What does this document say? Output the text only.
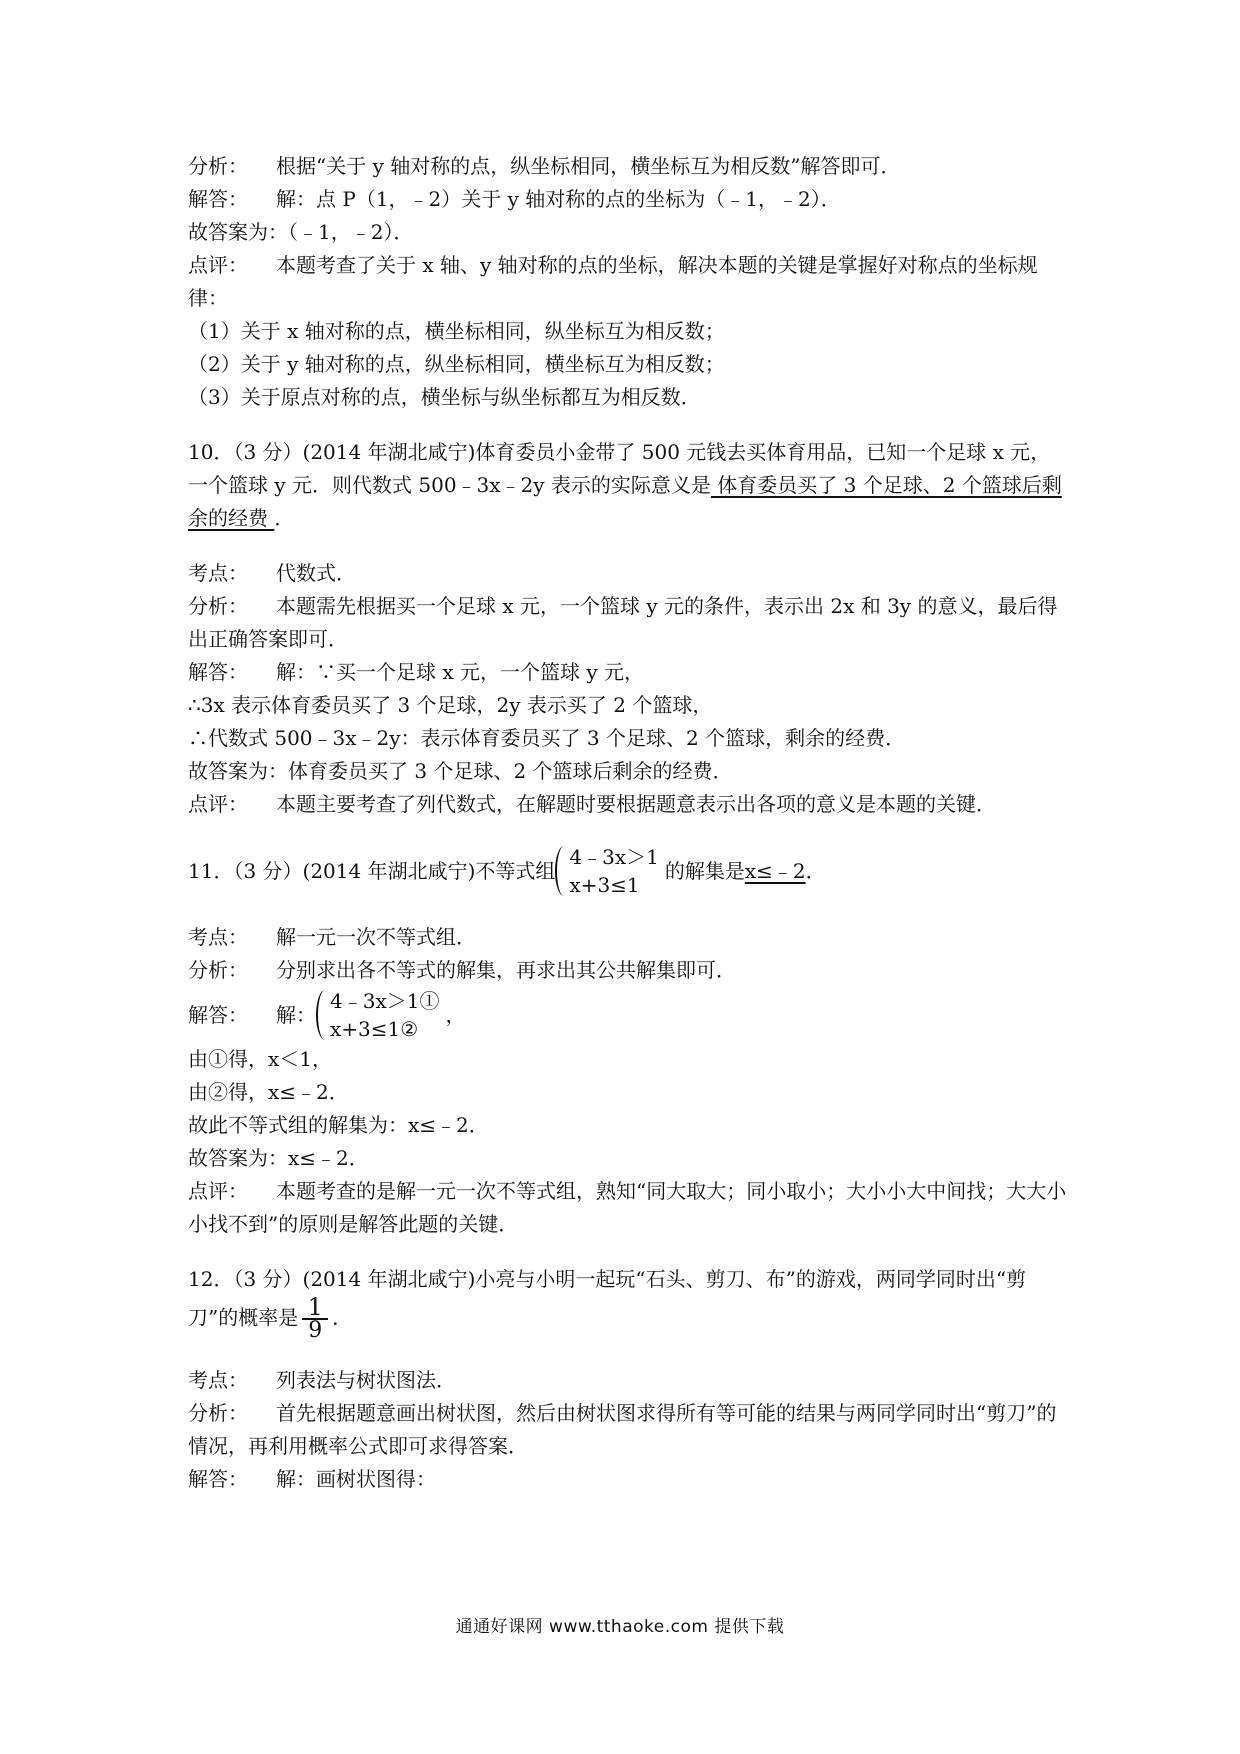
分析： 根据“关于 y 轴对称的点，纵坐标相同，横坐标互为相反数”解答即可．
解答： 解：点 P（1，﹣2）关于 y 轴对称的点的坐标为（﹣1，﹣2）．
故答案为：（﹣1，﹣2）．
点评： 本题考查了关于 x 轴、y 轴对称的点的坐标，解决本题的关键是掌握好对称点的坐标规律：
（1）关于 x 轴对称的点，横坐标相同，纵坐标互为相反数；
（2）关于 y 轴对称的点，纵坐标相同，横坐标互为相反数；
（3）关于原点对称的点，横坐标与纵坐标都互为相反数．
10．（3 分）(2014 年湖北咸宁)体育委员小金带了 500 元钱去买体育用品，已知一个足球 x 元，一个篮球 y 元．则代数式 500﹣3x﹣2y 表示的实际意义是 体育委员买了 3 个足球、2 个篮球后剩余的经费 ．
考点： 代数式．
分析： 本题需先根据买一个足球 x 元，一个篮球 y 元的条件，表示出 2x 和 3y 的意义，最后得出正确答案即可．
解答： 解：∵买一个足球 x 元，一个篮球 y 元，
∴3x 表示体育委员买了 3 个足球，2y 表示买了 2 个篮球，
∴代数式 500﹣3x﹣2y：表示体育委员买了 3 个足球、2 个篮球，剩余的经费．
故答案为：体育委员买了 3 个足球、2 个篮球后剩余的经费．
点评： 本题主要考查了列代数式，在解题时要根据题意表示出各项的意义是本题的关键．
11．（3 分）(2014 年湖北咸宁)不等式组
4﹣3x＞1
x+3≤1
的解集是 x≤﹣2 ．
考点： 解一元一次不等式组．
分析： 分别求出各不等式的解集，再求出其公共解集即可．
解答：	解：
4﹣3x＞1①
x+3≤1②
，
由①得，x＜1，
由②得，x≤﹣2．
故此不等式组的解集为：x≤﹣2．
故答案为：x≤﹣2．
点评： 本题考查的是解一元一次不等式组，熟知“同大取大；同小取小；大小小大中间找；大大小小找不到”的原则是解答此题的关键．
12．（3 分）(2014 年湖北咸宁)小亮与小明一起玩“石头、剪刀、布”的游戏，两同学同时出“剪刀”的概率是 $\frac{1}{9}$ ．
考点： 列表法与树状图法．
分析： 首先根据题意画出树状图，然后由树状图求得所有等可能的结果与两同学同时出“剪刀”的情况，再利用概率公式即可求得答案．
解答： 解：画树状图得：
通通好课网 www.tthaoke.com 提供下载
